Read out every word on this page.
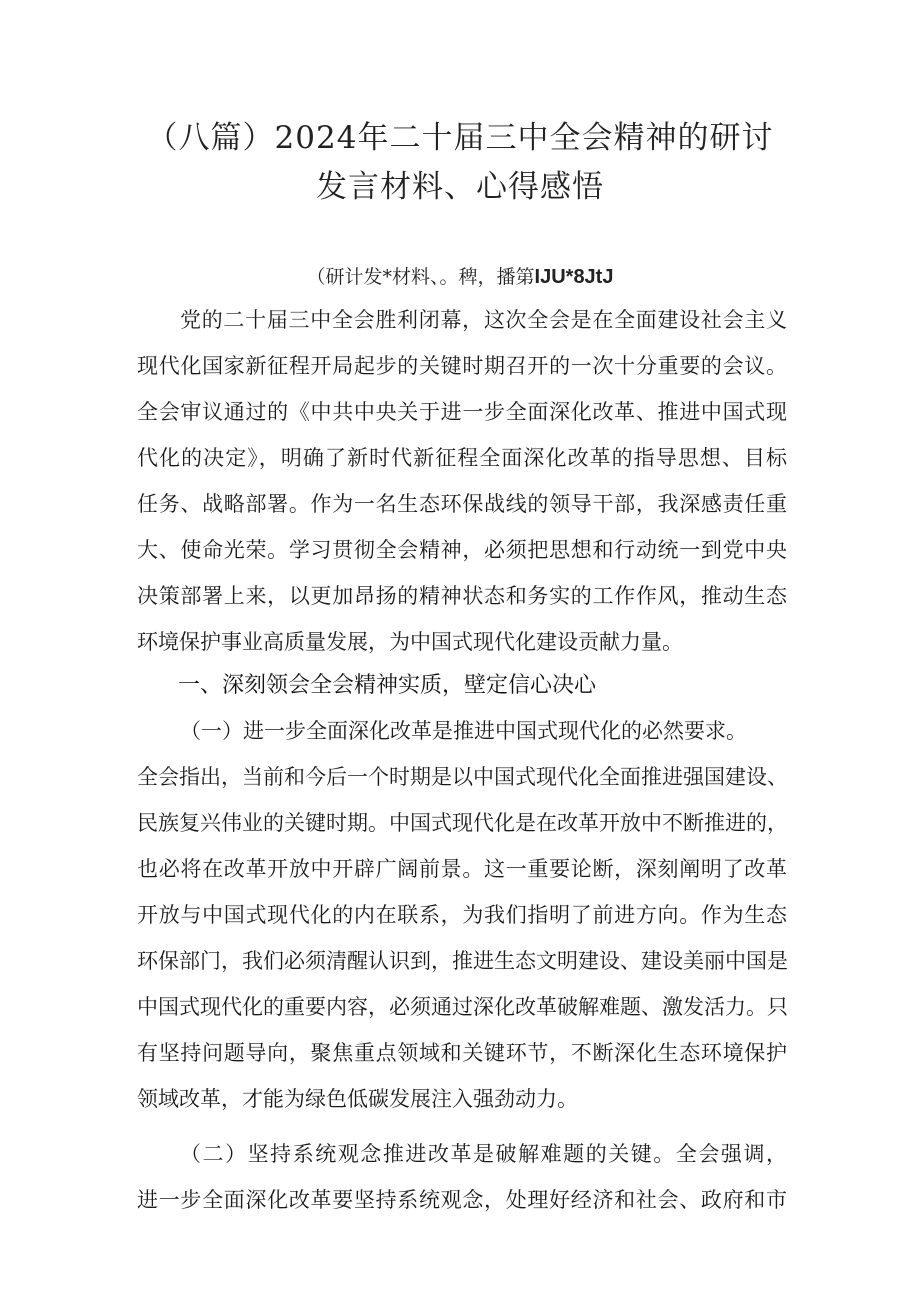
（八篇）2024年二十届三中全会精神的研讨
发言材料、心得感悟
（研计发*材料、。稗，播第IJU*8JtJ
党的二十届三中全会胜利闭幕，这次全会是在全面建设社会主义
现代化国家新征程开局起步的关键时期召开的一次十分重要的会议。
全会审议通过的《中共中央关于进一步全面深化改革、推进中国式现
代化的决定》，明确了新时代新征程全面深化改革的指导思想、目标
任务、战略部署。作为一名生态环保战线的领导干部，我深感责任重
大、使命光荣。学习贯彻全会精神，必须把思想和行动统一到党中央
决策部署上来，以更加昂扬的精神状态和务实的工作作风，推动生态
环境保护事业高质量发展，为中国式现代化建设贡献力量。
一、深刻领会全会精神实质，壁定信心决心
（一）进一步全面深化改革是推进中国式现代化的必然要求。
全会指出，当前和今后一个时期是以中国式现代化全面推进强国建设、
民族复兴伟业的关键时期。中国式现代化是在改革开放中不断推进的，
也必将在改革开放中开辟广阔前景。这一重要论断，深刻阐明了改革
开放与中国式现代化的内在联系，为我们指明了前进方向。作为生态
环保部门，我们必须清醒认识到，推进生态文明建设、建设美丽中国是
中国式现代化的重要内容，必须通过深化改革破解难题、激发活力。只
有坚持问题导向，聚焦重点领域和关键环节，不断深化生态环境保护
领域改革，才能为绿色低碳发展注入强劲动力。
（二）坚持系统观念推进改革是破解难题的关键。全会强调，
进一步全面深化改革要坚持系统观念，处理好经济和社会、政府和市
